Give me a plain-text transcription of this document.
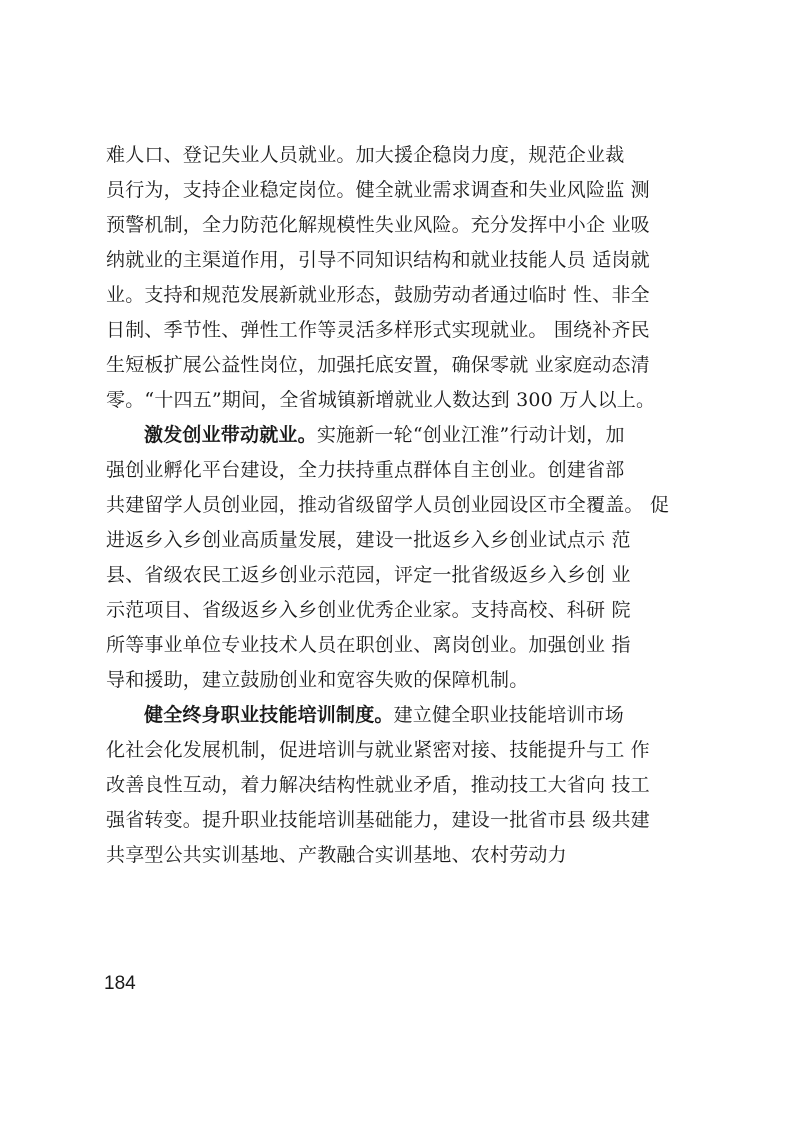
难人口、登记失业人员就业。加大援企稳岗力度，规范企业裁
员行为，支持企业稳定岗位。健全就业需求调查和失业风险监 测
预警机制，全力防范化解规模性失业风险。充分发挥中小企 业吸
纳就业的主渠道作用，引导不同知识结构和就业技能人员 适岗就
业。支持和规范发展新就业形态，鼓励劳动者通过临时 性、非全
日制、季节性、弹性工作等灵活多样形式实现就业。 围绕补齐民
生短板扩展公益性岗位，加强托底安置，确保零就 业家庭动态清
零。“十四五”期间，全省城镇新增就业人数达到 300 万人以上。
激发创业带动就业。实施新一轮“创业江淮”行动计划，加
强创业孵化平台建设，全力扶持重点群体自主创业。创建省部
共建留学人员创业园，推动省级留学人员创业园设区市全覆盖。 促
进返乡入乡创业高质量发展，建设一批返乡入乡创业试点示 范
县、省级农民工返乡创业示范园，评定一批省级返乡入乡创 业
示范项目、省级返乡入乡创业优秀企业家。支持高校、科研 院
所等事业单位专业技术人员在职创业、离岗创业。加强创业 指
导和援助，建立鼓励创业和宽容失败的保障机制。
健全终身职业技能培训制度。建立健全职业技能培训市场
化社会化发展机制，促进培训与就业紧密对接、技能提升与工 作
改善良性互动，着力解决结构性就业矛盾，推动技工大省向 技工
强省转变。提升职业技能培训基础能力，建设一批省市县 级共建
共享型公共实训基地、产教融合实训基地、农村劳动力
184
